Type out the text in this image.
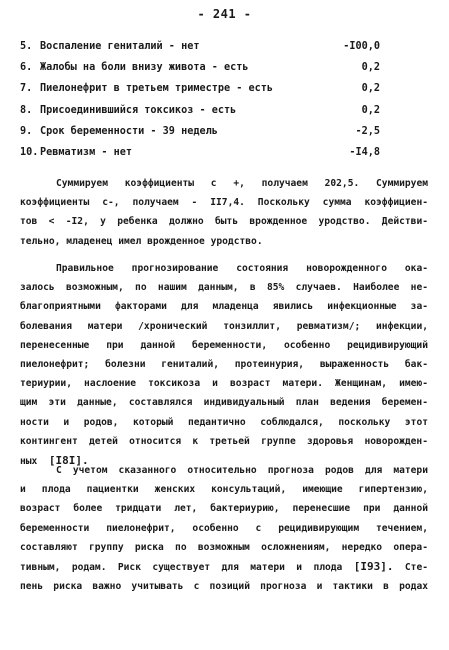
- 241 -
5. Воспаление гениталий - нет	-I00,0
6. Жалобы на боли внизу живота - есть	0,2
7. Пиелонефрит в третьем триместре - есть	0,2
8. Присоединившийся токсикоз - есть	0,2
9. Срок беременности - 39 недель	-2,5
10. Ревматизм - нет	-I4,8
Суммируем коэффициенты с +, получаем 202,5. Суммируем
коэффициенты с-, получаем - II7,4. Поскольку сумма коэффициен-
тов < -I2, у ребенка должно быть врожденное уродство. Действи-
тельно, младенец имел врожденное уродство.
Правильное прогнозирование состояния новорожденного ока-
залось возможным, по нашим данным, в 85% случаев. Наиболее не-
благоприятными факторами для младенца явились инфекционные за-
болевания матери /хронический тонзиллит, ревматизм/; инфекции,
перенесенные при данной беременности, особенно рецидивирующий
пиелонефрит; болезни гениталий, протеинурия, выраженность бак-
териурии, наслоение токсикоза и возраст матери. Женщинам, имею-
щим эти данные, составлялся индивидуальный план ведения беремен-
ности и родов, который педантично соблюдался, поскольку этот
контингент детей относится к третьей группе здоровья новорожден-
ных [I8I].
С учетом сказанного относительно прогноза родов для матери
и плода пациентки женских консультаций, имеющие гипертензию,
возраст более тридцати лет, бактериурию, перенесшие при данной
беременности пиелонефрит, особенно с рецидивирующим течением,
составляют группу риска по возможным осложнениям, нередко опера-
тивным, родам. Риск существует для матери и плода [I93]. Сте-
пень риска важно учитывать с позиций прогноза и тактики в родах
